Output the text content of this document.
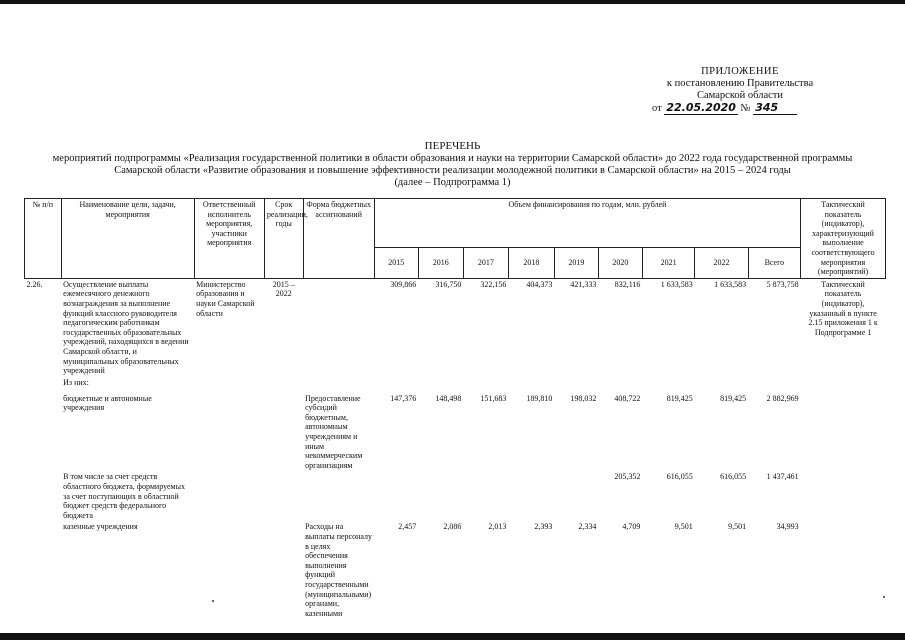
ПРИЛОЖЕНИЕ
к постановлению Правительства
Самарской области
от 22.05.2020 № 345
ПЕРЕЧЕНЬ
мероприятий подпрограммы «Реализация государственной политики в области образования и науки на территории Самарской области» до 2022 года государственной программы
Самарской области «Развитие образования и повышение эффективности реализации молодежной политики в Самарской области» на 2015 – 2024 годы
(далее – Подпрограмма 1)
№ п/п	Наименование цели, задачи, мероприятия	Ответственный исполнитель мероприятия, участники мероприятия	Срок реализации, годы	Форма бюджетных ассигнований	Объем финансирования по годам, млн. рублей									Тактический показатель (индикатор), характеризующий выполнение соответствующего мероприятия (мероприятий)
					2015	2016	2017	2018	2019	2020	2021	2022	Всего	
2.26.	Осуществление выплаты ежемесячного денежного вознаграждения за выполнение функций классного руководителя педагогическим работникам государственных образовательных учреждений, находящихся в ведении Самарской области, и муниципальных образовательных учреждений	Министерство образования и науки Самарской области	2015 – 2022		309,866	316,750	322,156	404,373	421,333	832,116	1 633,583	1 633,583	5 873,758	Тактический показатель (индикатор), указанный в пункте 2.15 приложения 1 к Подпрограмме 1
	Из них:													
	бюджетные и автономные учреждения			Предоставление субсидий бюджетным, автономным учреждениям и иным некоммерческим организациям	147,376	148,498	151,683	189,810	198,032	408,722	819,425	819,425	2 882,969	
	В том числе за счет средств областного бюджета, формируемых за счет поступающих в областной бюджет средств федерального бюджета									205,352	616,055	616,055	1 437,461	
	казенные учреждения			Расходы на выплаты персоналу в целях обеспечения выполнения функций государственными (муниципальными) органами, казенными	2,457	2,086	2,013	2,393	2,334	4,709	9,501	9,501	34,993	
